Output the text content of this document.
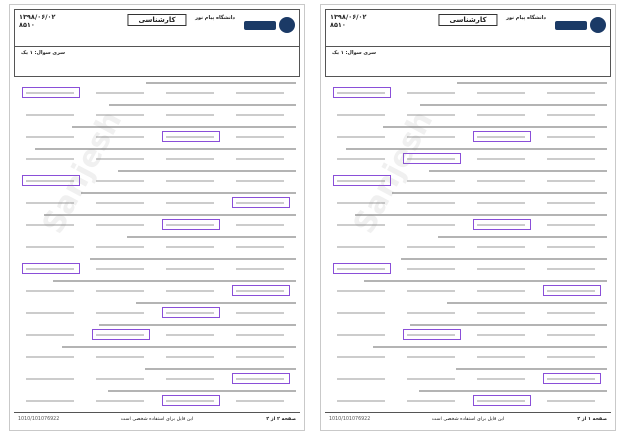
دانشگاه پیام نور
کارشناسی
۱۳۹۸/۰۶/۰۲
۸۵۱۰
سری سوال: ۱ یک
Sanjesh
صفحه ۲ از ۲
این فایل برای استفاده شخصی است
1010/101076922
دانشگاه پیام نور
کارشناسی
۱۳۹۸/۰۶/۰۲
۸۵۱۰
سری سوال: ۱ یک
Sanjesh
صفحه ۱ از ۲
این فایل برای استفاده شخصی است
1010/101076922
